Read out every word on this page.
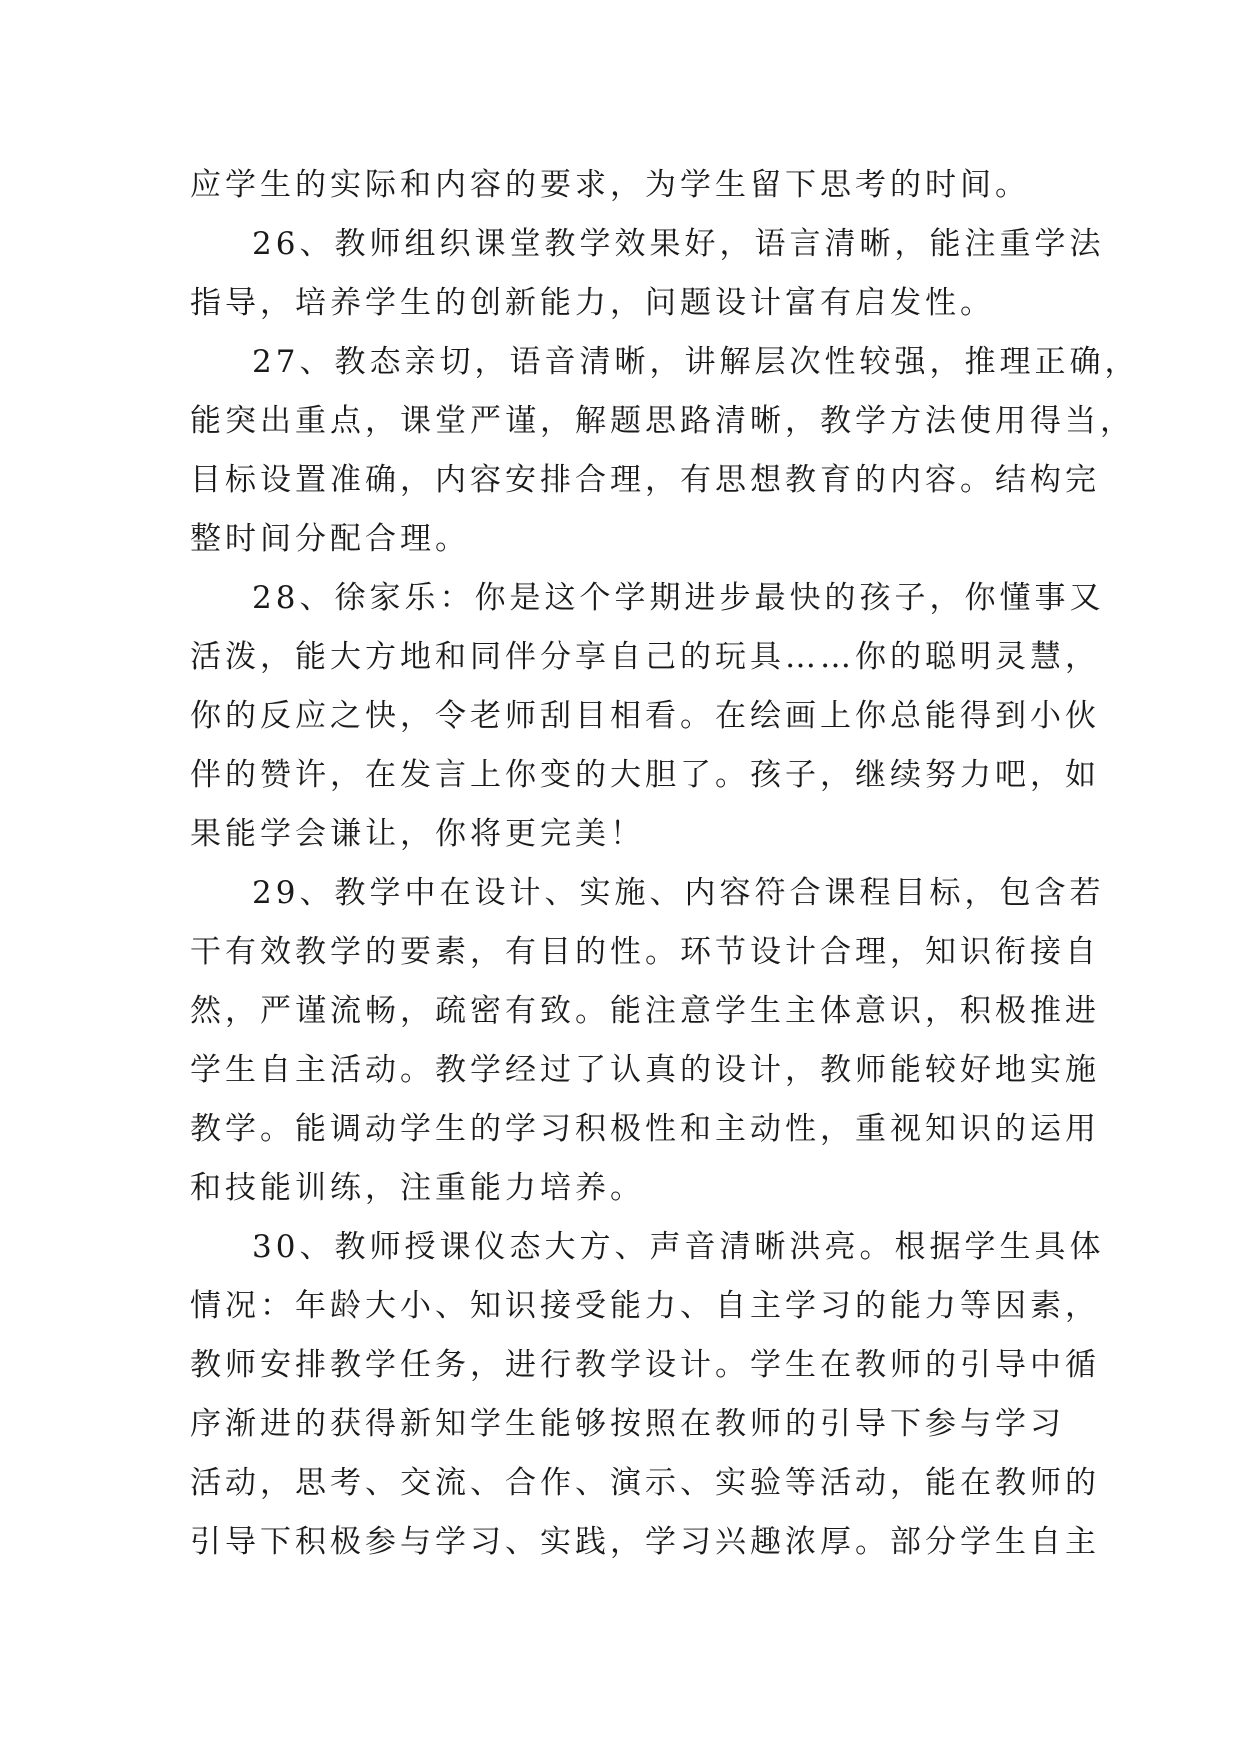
应学生的实际和内容的要求，为学生留下思考的时间。
26、教师组织课堂教学效果好，语言清晰，能注重学法
指导，培养学生的创新能力，问题设计富有启发性。
27、教态亲切，语音清晰，讲解层次性较强，推理正确，
能突出重点，课堂严谨，解题思路清晰，教学方法使用得当，
目标设置准确，内容安排合理，有思想教育的内容。结构完
整时间分配合理。
28、徐家乐：你是这个学期进步最快的孩子，你懂事又
活泼，能大方地和同伴分享自己的玩具……你的聪明灵慧，
你的反应之快，令老师刮目相看。在绘画上你总能得到小伙
伴的赞许，在发言上你变的大胆了。孩子，继续努力吧，如
果能学会谦让，你将更完美！
29、教学中在设计、实施、内容符合课程目标，包含若
干有效教学的要素，有目的性。环节设计合理，知识衔接自
然，严谨流畅，疏密有致。能注意学生主体意识，积极推进
学生自主活动。教学经过了认真的设计，教师能较好地实施
教学。能调动学生的学习积极性和主动性，重视知识的运用
和技能训练，注重能力培养。
30、教师授课仪态大方、声音清晰洪亮。根据学生具体
情况：年龄大小、知识接受能力、自主学习的能力等因素，
教师安排教学任务，进行教学设计。学生在教师的引导中循
序渐进的获得新知学生能够按照在教师的引导下参与学习
活动，思考、交流、合作、演示、实验等活动，能在教师的
引导下积极参与学习、实践，学习兴趣浓厚。部分学生自主
